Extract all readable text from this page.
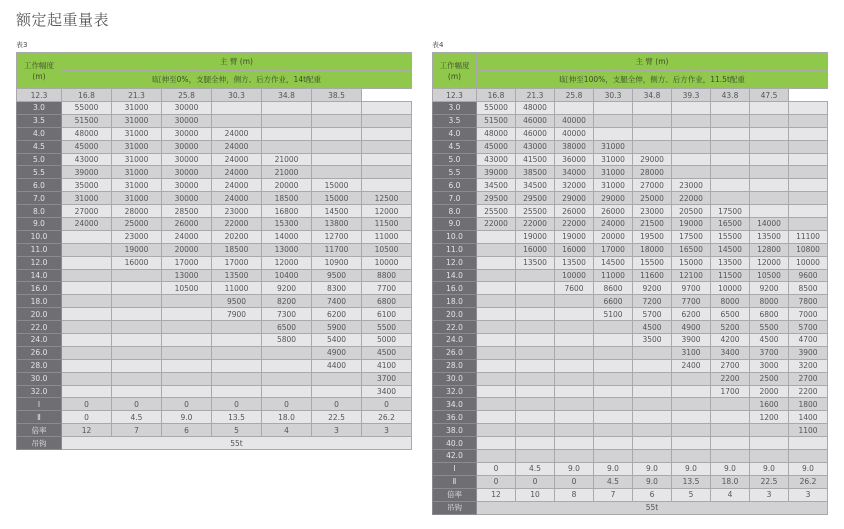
额定起重量表
表3
工作幅度
(m)	主 臂 (m)						
	Ⅰ缸伸至0%，支腿全伸，侧方、后方作业，14t配重						
12.3	16.8	21.3	25.8	30.3	34.8	38.5	
3.0	55000	31000	30000				
3.5	51500	31000	30000				
4.0	48000	31000	30000	24000			
4.5	45000	31000	30000	24000			
5.0	43000	31000	30000	24000	21000		
5.5	39000	31000	30000	24000	21000		
6.0	35000	31000	30000	24000	20000	15000	
7.0	31000	31000	30000	24000	18500	15000	12500
8.0	27000	28000	28500	23000	16800	14500	12000
9.0	24000	25000	26000	22000	15300	13800	11500
10.0		23000	24000	20200	14000	12700	11000
11.0		19000	20000	18500	13000	11700	10500
12.0		16000	17000	17000	12000	10900	10000
14.0			13000	13500	10400	9500	8800
16.0			10500	11000	9200	8300	7700
18.0				9500	8200	7400	6800
20.0				7900	7300	6200	6100
22.0					6500	5900	5500
24.0					5800	5400	5000
26.0						4900	4500
28.0						4400	4100
30.0							3700
32.0							3400
Ⅰ	0	0	0	0	0	0	0
Ⅱ	0	4.5	9.0	13.5	18.0	22.5	26.2
倍率	12	7	6	5	4	3	3
吊钩	55t						
表4
工作幅度
(m)	主 臂 (m)								
	Ⅰ缸伸至100%，支腿全伸，侧方、后方作业，11.5t配重								
12.3	16.8	21.3	25.8	30.3	34.8	39.3	43.8	47.5	
3.0	55000	48000							
3.5	51500	46000	40000						
4.0	48000	46000	40000						
4.5	45000	43000	38000	31000					
5.0	43000	41500	36000	31000	29000				
5.5	39000	38500	34000	31000	28000				
6.0	34500	34500	32000	31000	27000	23000			
7.0	29500	29500	29000	29000	25000	22000			
8.0	25500	25500	26000	26000	23000	20500	17500		
9.0	22000	22000	22000	24000	21500	19000	16500	14000	
10.0		19000	19000	20000	19500	17500	15500	13500	11100
11.0		16000	16000	17000	18000	16500	14500	12800	10800
12.0		13500	13500	14500	15500	15000	13500	12000	10000
14.0			10000	11000	11600	12100	11500	10500	9600
16.0			7600	8600	9200	9700	10000	9200	8500
18.0				6600	7200	7700	8000	8000	7800
20.0				5100	5700	6200	6500	6800	7000
22.0					4500	4900	5200	5500	5700
24.0					3500	3900	4200	4500	4700
26.0						3100	3400	3700	3900
28.0						2400	2700	3000	3200
30.0							2200	2500	2700
32.0							1700	2000	2200
34.0								1600	1800
36.0								1200	1400
38.0									1100
40.0									
42.0									
Ⅰ	0	4.5	9.0	9.0	9.0	9.0	9.0	9.0	9.0
Ⅱ	0	0	0	4.5	9.0	13.5	18.0	22.5	26.2
倍率	12	10	8	7	6	5	4	3	3
吊钩	55t								
